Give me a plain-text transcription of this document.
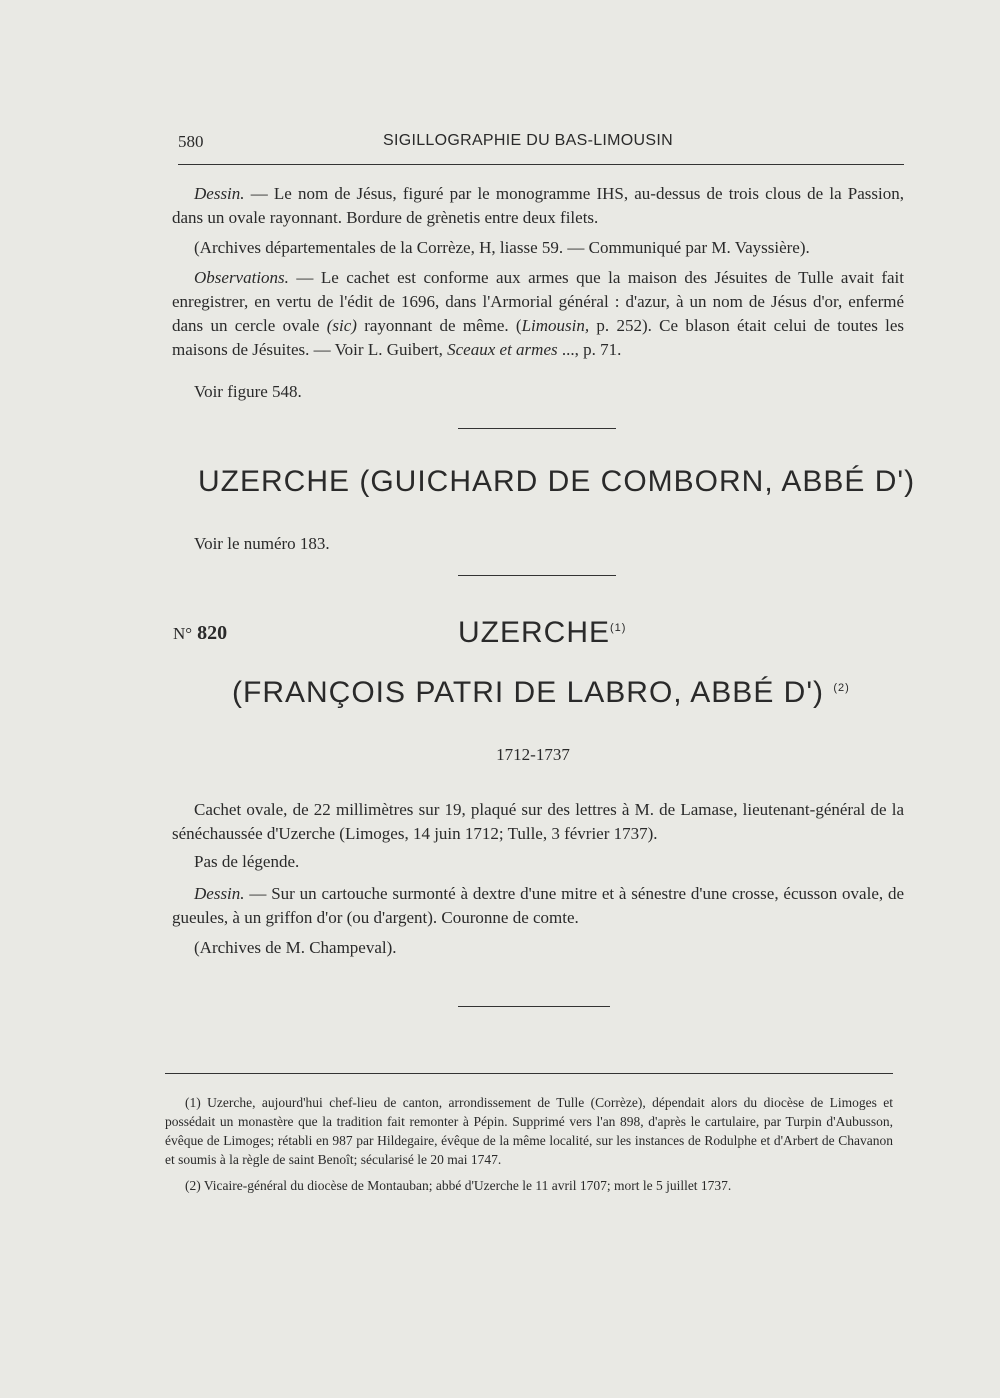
580	SIGILLOGRAPHIE DU BAS-LIMOUSIN

Dessin. — Le nom de Jésus, figuré par le monogramme IHS, au-dessus de trois clous de la Passion, dans un ovale rayonnant. Bordure de grènetis entre deux filets.

(Archives départementales de la Corrèze, H, liasse 59. — Communiqué par M. Vayssière).

Observations. — Le cachet est conforme aux armes que la maison des Jésuites de Tulle avait fait enregistrer, en vertu de l'édit de 1696, dans l'Armorial général : d'azur, à un nom de Jésus d'or, enfermé dans un cercle ovale (sic) rayonnant de même. (Limousin, p. 252). Ce blason était celui de toutes les maisons de Jésuites. — Voir L. Guibert, Sceaux et armes ..., p. 71.

Voir figure 548.

UZERCHE (GUICHARD DE COMBORN, ABBÉ D')

Voir le numéro 183.

N° 820	UZERCHE$^{(1)}$
(FRANÇOIS PATRI DE LABRO, ABBÉ D') $^{(2)}$

1712-1737

Cachet ovale, de 22 millimètres sur 19, plaqué sur des lettres à M. de Lamase, lieutenant-général de la sénéchaussée d'Uzerche (Limoges, 14 juin 1712; Tulle, 3 février 1737).

Pas de légende.

Dessin. — Sur un cartouche surmonté à dextre d'une mitre et à sénestre d'une crosse, écusson ovale, de gueules, à un griffon d'or (ou d'argent). Couronne de comte.

(Archives de M. Champeval).

(1) Uzerche, aujourd'hui chef-lieu de canton, arrondissement de Tulle (Corrèze), dépendait alors du diocèse de Limoges et possédait un monastère que la tradition fait remonter à Pépin. Supprimé vers l'an 898, d'après le cartulaire, par Turpin d'Aubusson, évêque de Limoges; rétabli en 987 par Hildegaire, évêque de la même localité, sur les instances de Rodulphe et d'Arbert de Chavanon et soumis à la règle de saint Benoît; sécularisé le 20 mai 1747.

(2) Vicaire-général du diocèse de Montauban; abbé d'Uzerche le 11 avril 1707; mort le 5 juillet 1737.
